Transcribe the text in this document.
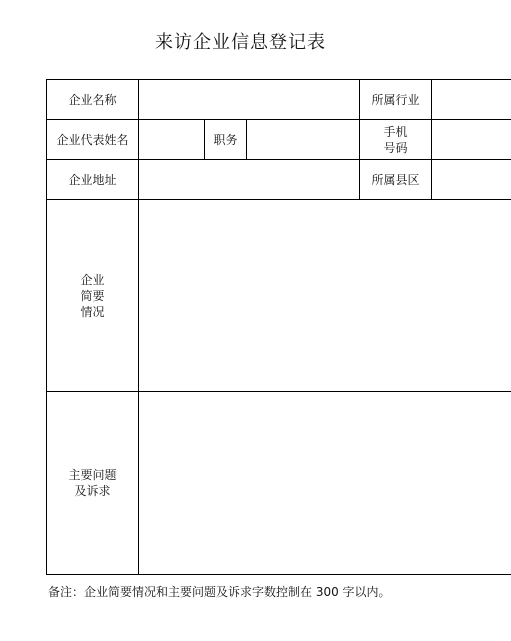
来访企业信息登记表
企业名称				所属行业	
企业代表姓名		职务		手机
号码	

企业地址				所属县区	

企业
简要
情况					

主要问题
及诉求					

备注：企业简要情况和主要问题及诉求字数控制在 300 字以内。
